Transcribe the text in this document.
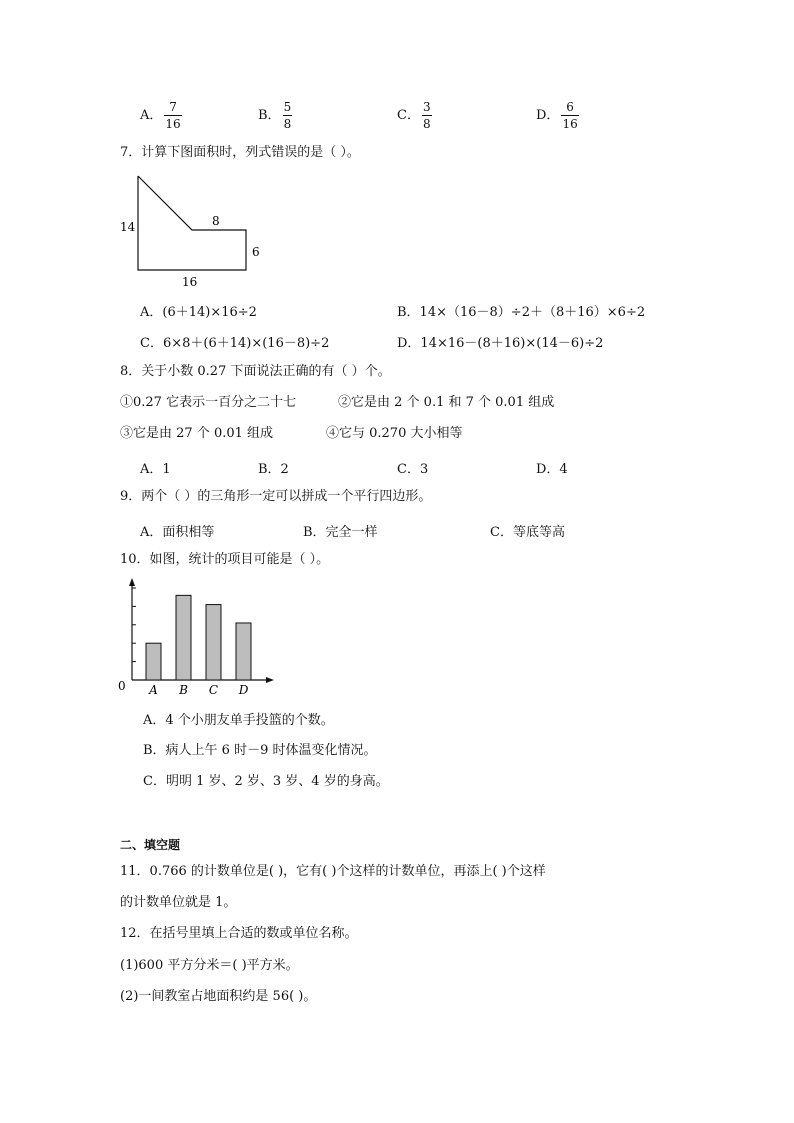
A． $\frac{7}{16}$	B． $\frac{5}{8}$	C． $\frac{3}{8}$	D． $\frac{6}{16}$
7．计算下图面积时，列式错误的是（ ）。
14	8
6
16
A．(6＋14)×16÷2	B．14×（16－8）÷2＋（8＋16）×6÷2
C．6×8＋(6＋14)×(16－8)÷2	D．14×16－(8＋16)×(14－6)÷2
8．关于小数 0.27 下面说法正确的有（ ）个。
①0.27 它表示一百分之二十七	②它是由 2 个 0.1 和 7 个 0.01 组成
③它是由 27 个 0.01 组成	④它与 0.270 大小相等
A．1	B．2	C．3	D．4
9．两个（ ）的三角形一定可以拼成一个平行四边形。
A．面积相等	B．完全一样	C．等底等高
10．如图，统计的项目可能是（ ）。
0 A B C D
A．4 个小朋友单手投篮的个数。
B．病人上午 6 时－9 时体温变化情况。
C．明明 1 岁、2 岁、3 岁、4 岁的身高。
二、填空题
11．0.766 的计数单位是( )，它有( )个这样的计数单位，再添上( )个这样
的计数单位就是 1。
12．在括号里填上合适的数或单位名称。
(1)600 平方分米＝( )平方米。
(2)一间教室占地面积约是 56( )。
